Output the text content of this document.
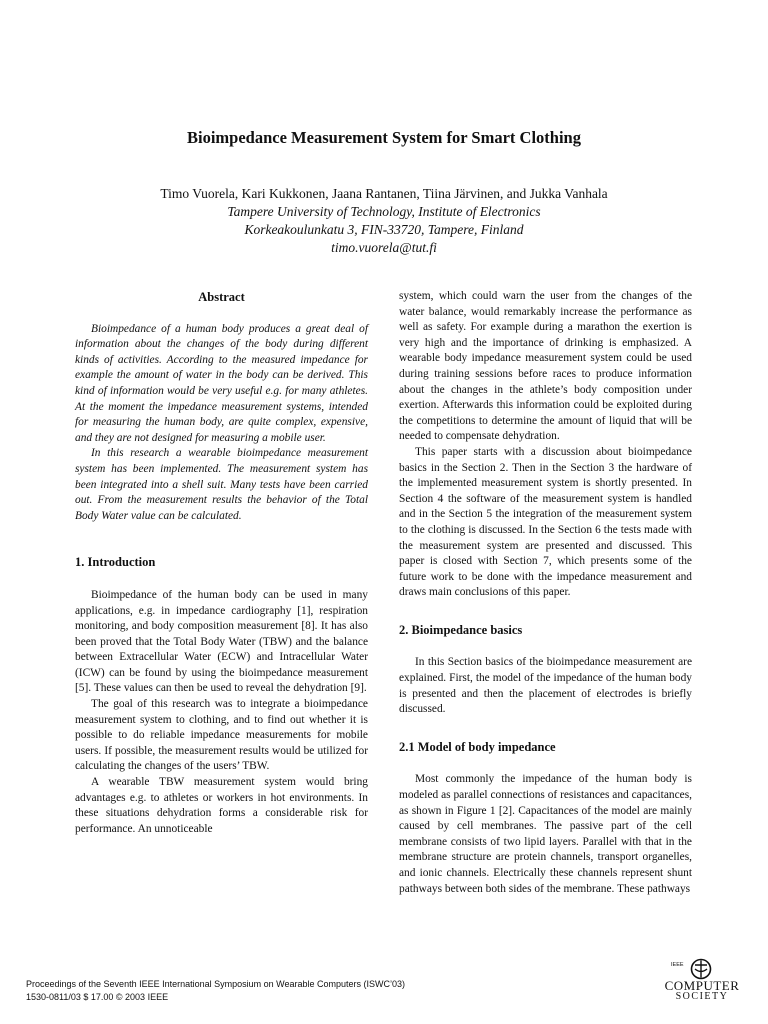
Bioimpedance Measurement System for Smart Clothing
Timo Vuorela, Kari Kukkonen, Jaana Rantanen, Tiina Järvinen, and Jukka Vanhala
Tampere University of Technology, Institute of Electronics
Korkeakoulunkatu 3, FIN-33720, Tampere, Finland
timo.vuorela@tut.fi
Abstract

Bioimpedance of a human body produces a great deal of information about the changes of the body during different kinds of activities. According to the measured impedance for example the amount of water in the body can be derived. This kind of information would be very useful e.g. for many athletes. At the moment the impedance measurement systems, intended for measuring the human body, are quite complex, expensive, and they are not designed for measuring a mobile user.

In this research a wearable bioimpedance measurement system has been implemented. The measurement system has been integrated into a shell suit. Many tests have been carried out. From the measurement results the behavior of the Total Body Water value can be calculated.

1. Introduction

Bioimpedance of the human body can be used in many applications, e.g. in impedance cardiography [1], respiration monitoring, and body composition measurement [8]. It has also been proved that the Total Body Water (TBW) and the balance between Extracellular Water (ECW) and Intracellular Water (ICW) can be found by using the bioimpedance measurement [5]. These values can then be used to reveal the dehydration [9].

The goal of this research was to integrate a bioimpedance measurement system to clothing, and to find out whether it is possible to do reliable impedance measurements for mobile users. If possible, the measurement results would be utilized for calculating the changes of the users’ TBW.

A wearable TBW measurement system would bring advantages e.g. to athletes or workers in hot environments. In these situations dehydration forms a considerable risk for performance. An unnoticeable

system, which could warn the user from the changes of the water balance, would remarkably increase the performance as well as safety. For example during a marathon the exertion is very high and the importance of drinking is emphasized. A wearable body impedance measurement system could be used during training sessions before races to produce information about the changes in the athlete’s body composition under exertion. Afterwards this information could be exploited during the competitions to determine the amount of liquid that will be needed to compensate dehydration.

This paper starts with a discussion about bioimpedance basics in the Section 2. Then in the Section 3 the hardware of the implemented measurement system is shortly presented. In Section 4 the software of the measurement system is handled and in the Section 5 the integration of the measurement system to the clothing is discussed. In the Section 6 the tests made with the measurement system are presented and discussed. This paper is closed with Section 7, which presents some of the future work to be done with the impedance measurement and draws main conclusions of this paper.

2. Bioimpedance basics

In this Section basics of the bioimpedance measurement are explained. First, the model of the impedance of the human body is presented and then the placement of electrodes is briefly discussed.

2.1 Model of body impedance

Most commonly the impedance of the human body is modeled as parallel connections of resistances and capacitances, as shown in Figure 1 [2]. Capacitances of the model are mainly caused by cell membranes. The passive part of the cell membrane consists of two lipid layers. Parallel with that in the membrane structure are protein channels, transport organelles, and ionic channels. Electrically these channels represent shunt pathways between both sides of the membrane. These pathways

Proceedings of the Seventh IEEE International Symposium on Wearable Computers (ISWC’03)
1530-0811/03 $ 17.00 © 2003 IEEE
IEEE
COMPUTER
SOCIETY
